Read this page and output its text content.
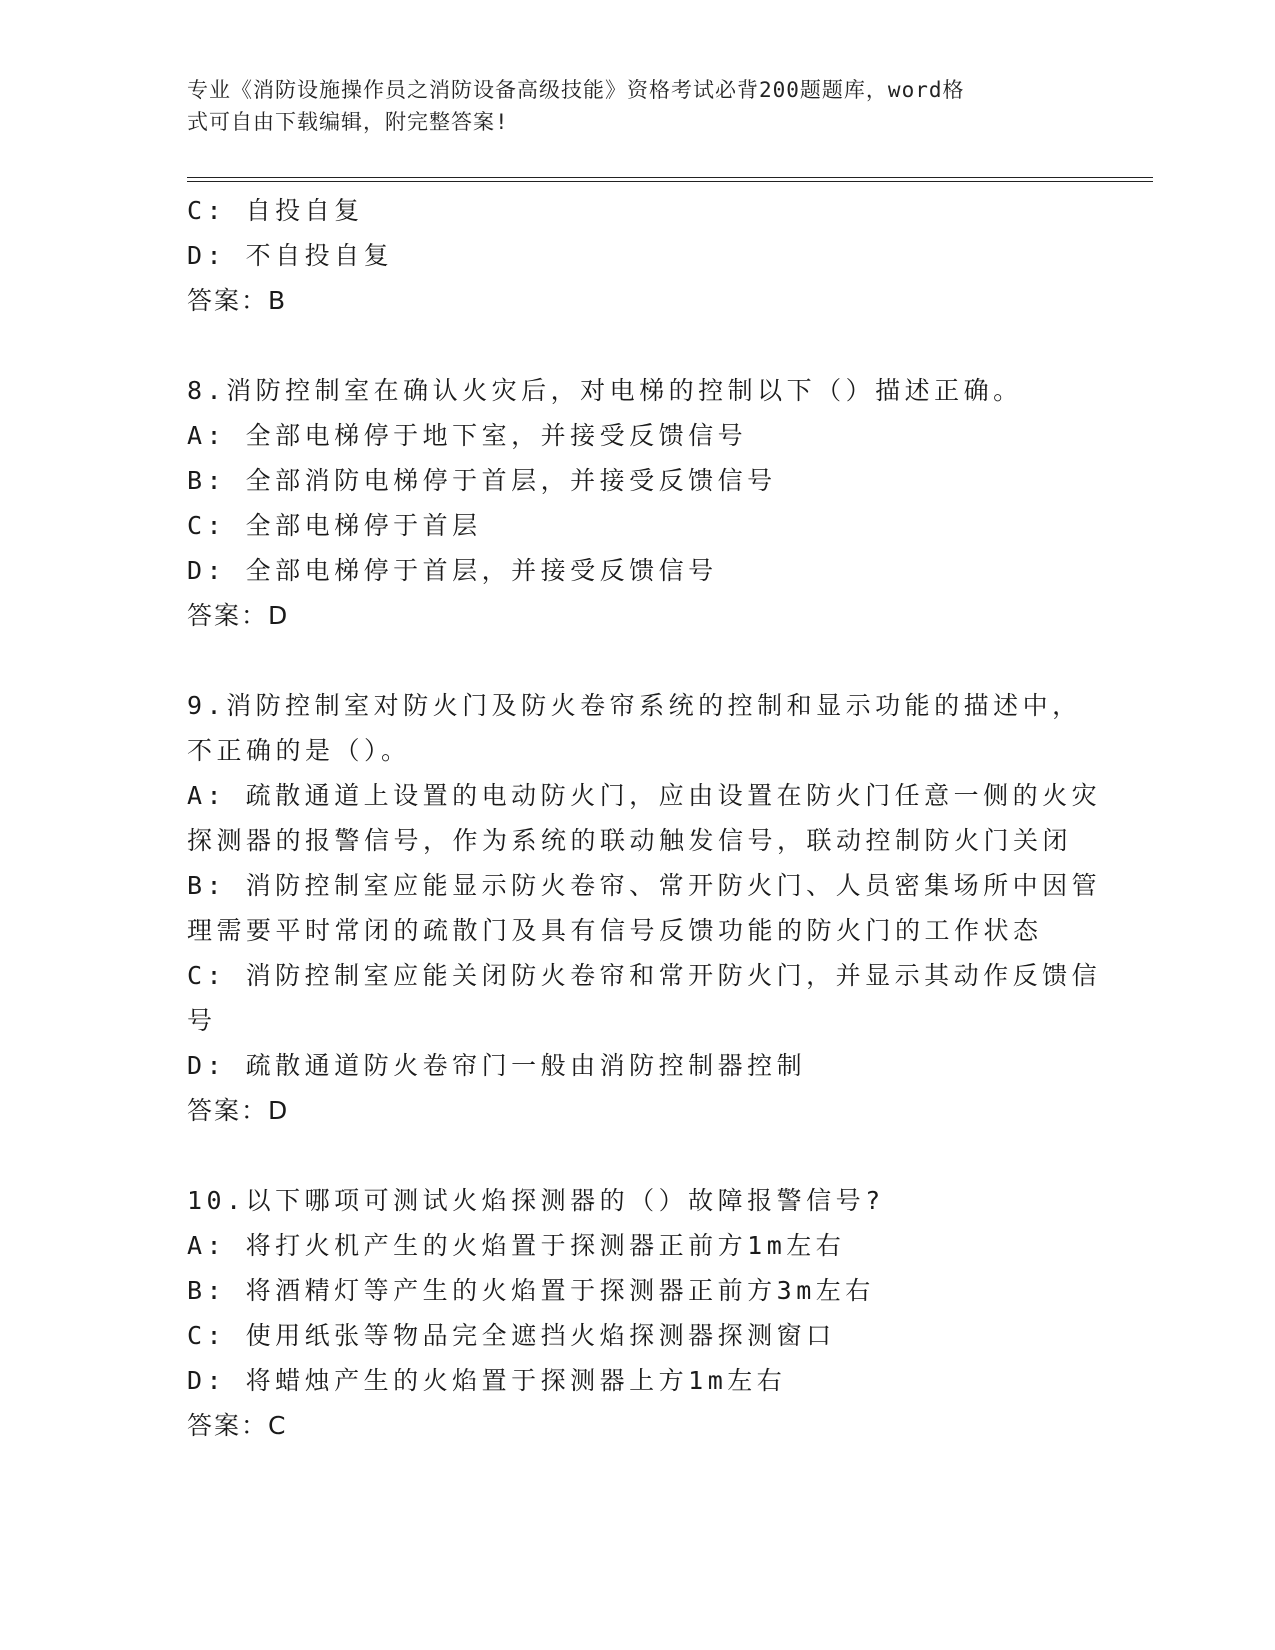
专业《消防设施操作员之消防设备高级技能》资格考试必背200题题库，word格
式可自由下载编辑，附完整答案!
C: 自投自复
D: 不自投自复
答案：B
8.消防控制室在确认火灾后，对电梯的控制以下（）描述正确。
A: 全部电梯停于地下室，并接受反馈信号
B: 全部消防电梯停于首层，并接受反馈信号
C: 全部电梯停于首层
D: 全部电梯停于首层，并接受反馈信号
答案：D
9.消防控制室对防火门及防火卷帘系统的控制和显示功能的描述中，
不正确的是（）。
A: 疏散通道上设置的电动防火门，应由设置在防火门任意一侧的火灾
探测器的报警信号，作为系统的联动触发信号，联动控制防火门关闭
B: 消防控制室应能显示防火卷帘、常开防火门、人员密集场所中因管
理需要平时常闭的疏散门及具有信号反馈功能的防火门的工作状态
C: 消防控制室应能关闭防火卷帘和常开防火门，并显示其动作反馈信
号
D: 疏散通道防火卷帘门一般由消防控制器控制
答案：D
10.以下哪项可测试火焰探测器的（）故障报警信号?
A: 将打火机产生的火焰置于探测器正前方1m左右
B: 将酒精灯等产生的火焰置于探测器正前方3m左右
C: 使用纸张等物品完全遮挡火焰探测器探测窗口
D: 将蜡烛产生的火焰置于探测器上方1m左右
答案：C
